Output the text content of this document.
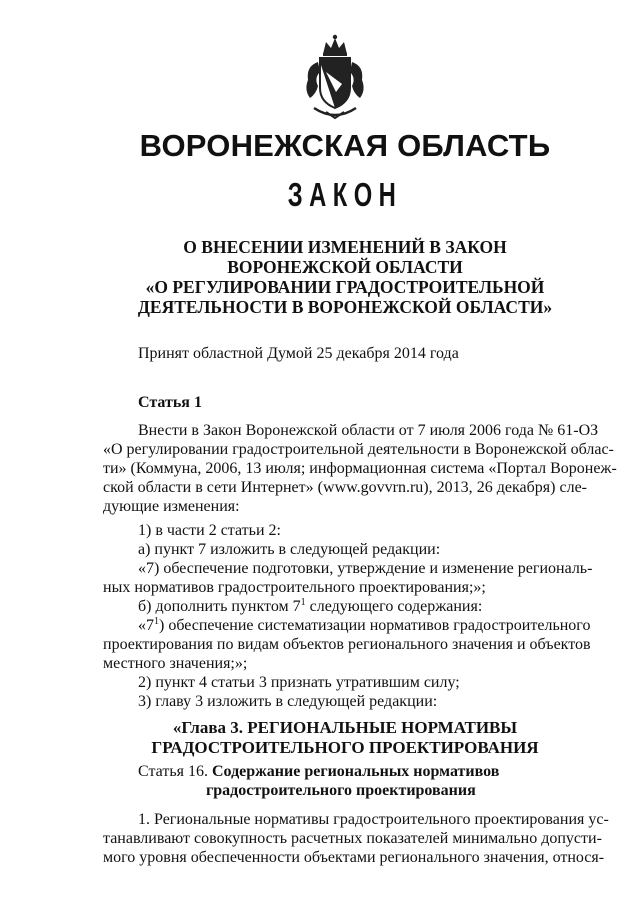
ВОРОНЕЖСКАЯ ОБЛАСТЬ
ЗАКОН
О ВНЕСЕНИИ ИЗМЕНЕНИЙ В ЗАКОН
ВОРОНЕЖСКОЙ ОБЛАСТИ
«О РЕГУЛИРОВАНИИ ГРАДОСТРОИТЕЛЬНОЙ
ДЕЯТЕЛЬНОСТИ В ВОРОНЕЖСКОЙ ОБЛАСТИ»
Принят областной Думой 25 декабря 2014 года
Статья 1
Внести в Закон Воронежской области от 7 июля 2006 года № 61-ОЗ
«О регулировании градостроительной деятельности в Воронежской облас-
ти» (Коммуна, 2006, 13 июля; информационная система «Портал Воронеж-
ской области в сети Интернет» (www.govvrn.ru), 2013, 26 декабря) сле-
дующие изменения:
1) в части 2 статьи 2:
а) пункт 7 изложить в следующей редакции:
«7) обеспечение подготовки, утверждение и изменение региональ-
ных нормативов градостроительного проектирования;»;
б) дополнить пунктом $7^1$ следующего содержания:
«$7^1$) обеспечение систематизации нормативов градостроительного
проектирования по видам объектов регионального значения и объектов
местного значения;»;
2) пункт 4 статьи 3 признать утратившим силу;
3) главу 3 изложить в следующей редакции:
«Глава 3. РЕГИОНАЛЬНЫЕ НОРМАТИВЫ
ГРАДОСТРОИТЕЛЬНОГО ПРОЕКТИРОВАНИЯ
Статья 16. Содержание региональных нормативов
градостроительного проектирования
1. Региональные нормативы градостроительного проектирования ус-
танавливают совокупность расчетных показателей минимально допусти-
мого уровня обеспеченности объектами регионального значения, относя-
